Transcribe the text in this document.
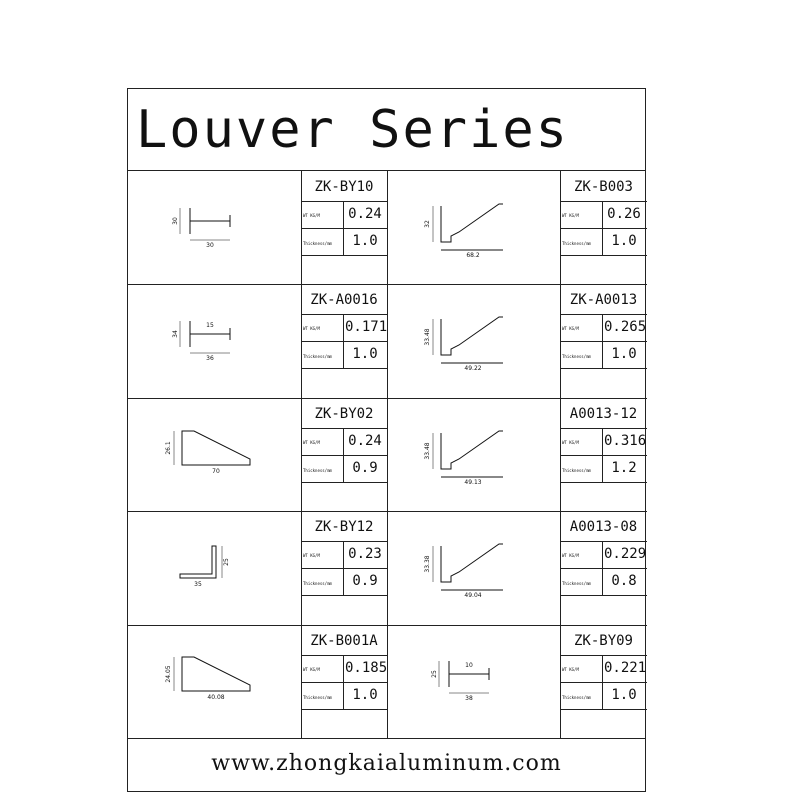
Louver Series
30
30
ZK-BY10
WT KG/M 0.24
Thickness/mm	1.0
32
68.2
ZK-B003
WT KG/M 0.26
Thickness/mm	1.0
34
36
15
ZK-A0016
WT KG/M 0.171
Thickness/mm	1.0
33.48
49.22
ZK-A0013
WT KG/M 0.265
Thickness/mm	1.0
26.1
70
ZK-BY02
WT KG/M 0.24
Thickness/mm	0.9
33.48
49.13
A0013-12
WT KG/M 0.316
Thickness/mm	1.2
25
35
ZK-BY12
WT KG/M 0.23
Thickness/mm	0.9
33.38
49.04
A0013-08
WT KG/M 0.229
Thickness/mm	0.8
24.05
40.08
ZK-B001A
WT KG/M 0.185
Thickness/mm	1.0
25
38
10
ZK-BY09
WT KG/M 0.221
Thickness/mm	1.0
www.zhongkaialuminum.com
